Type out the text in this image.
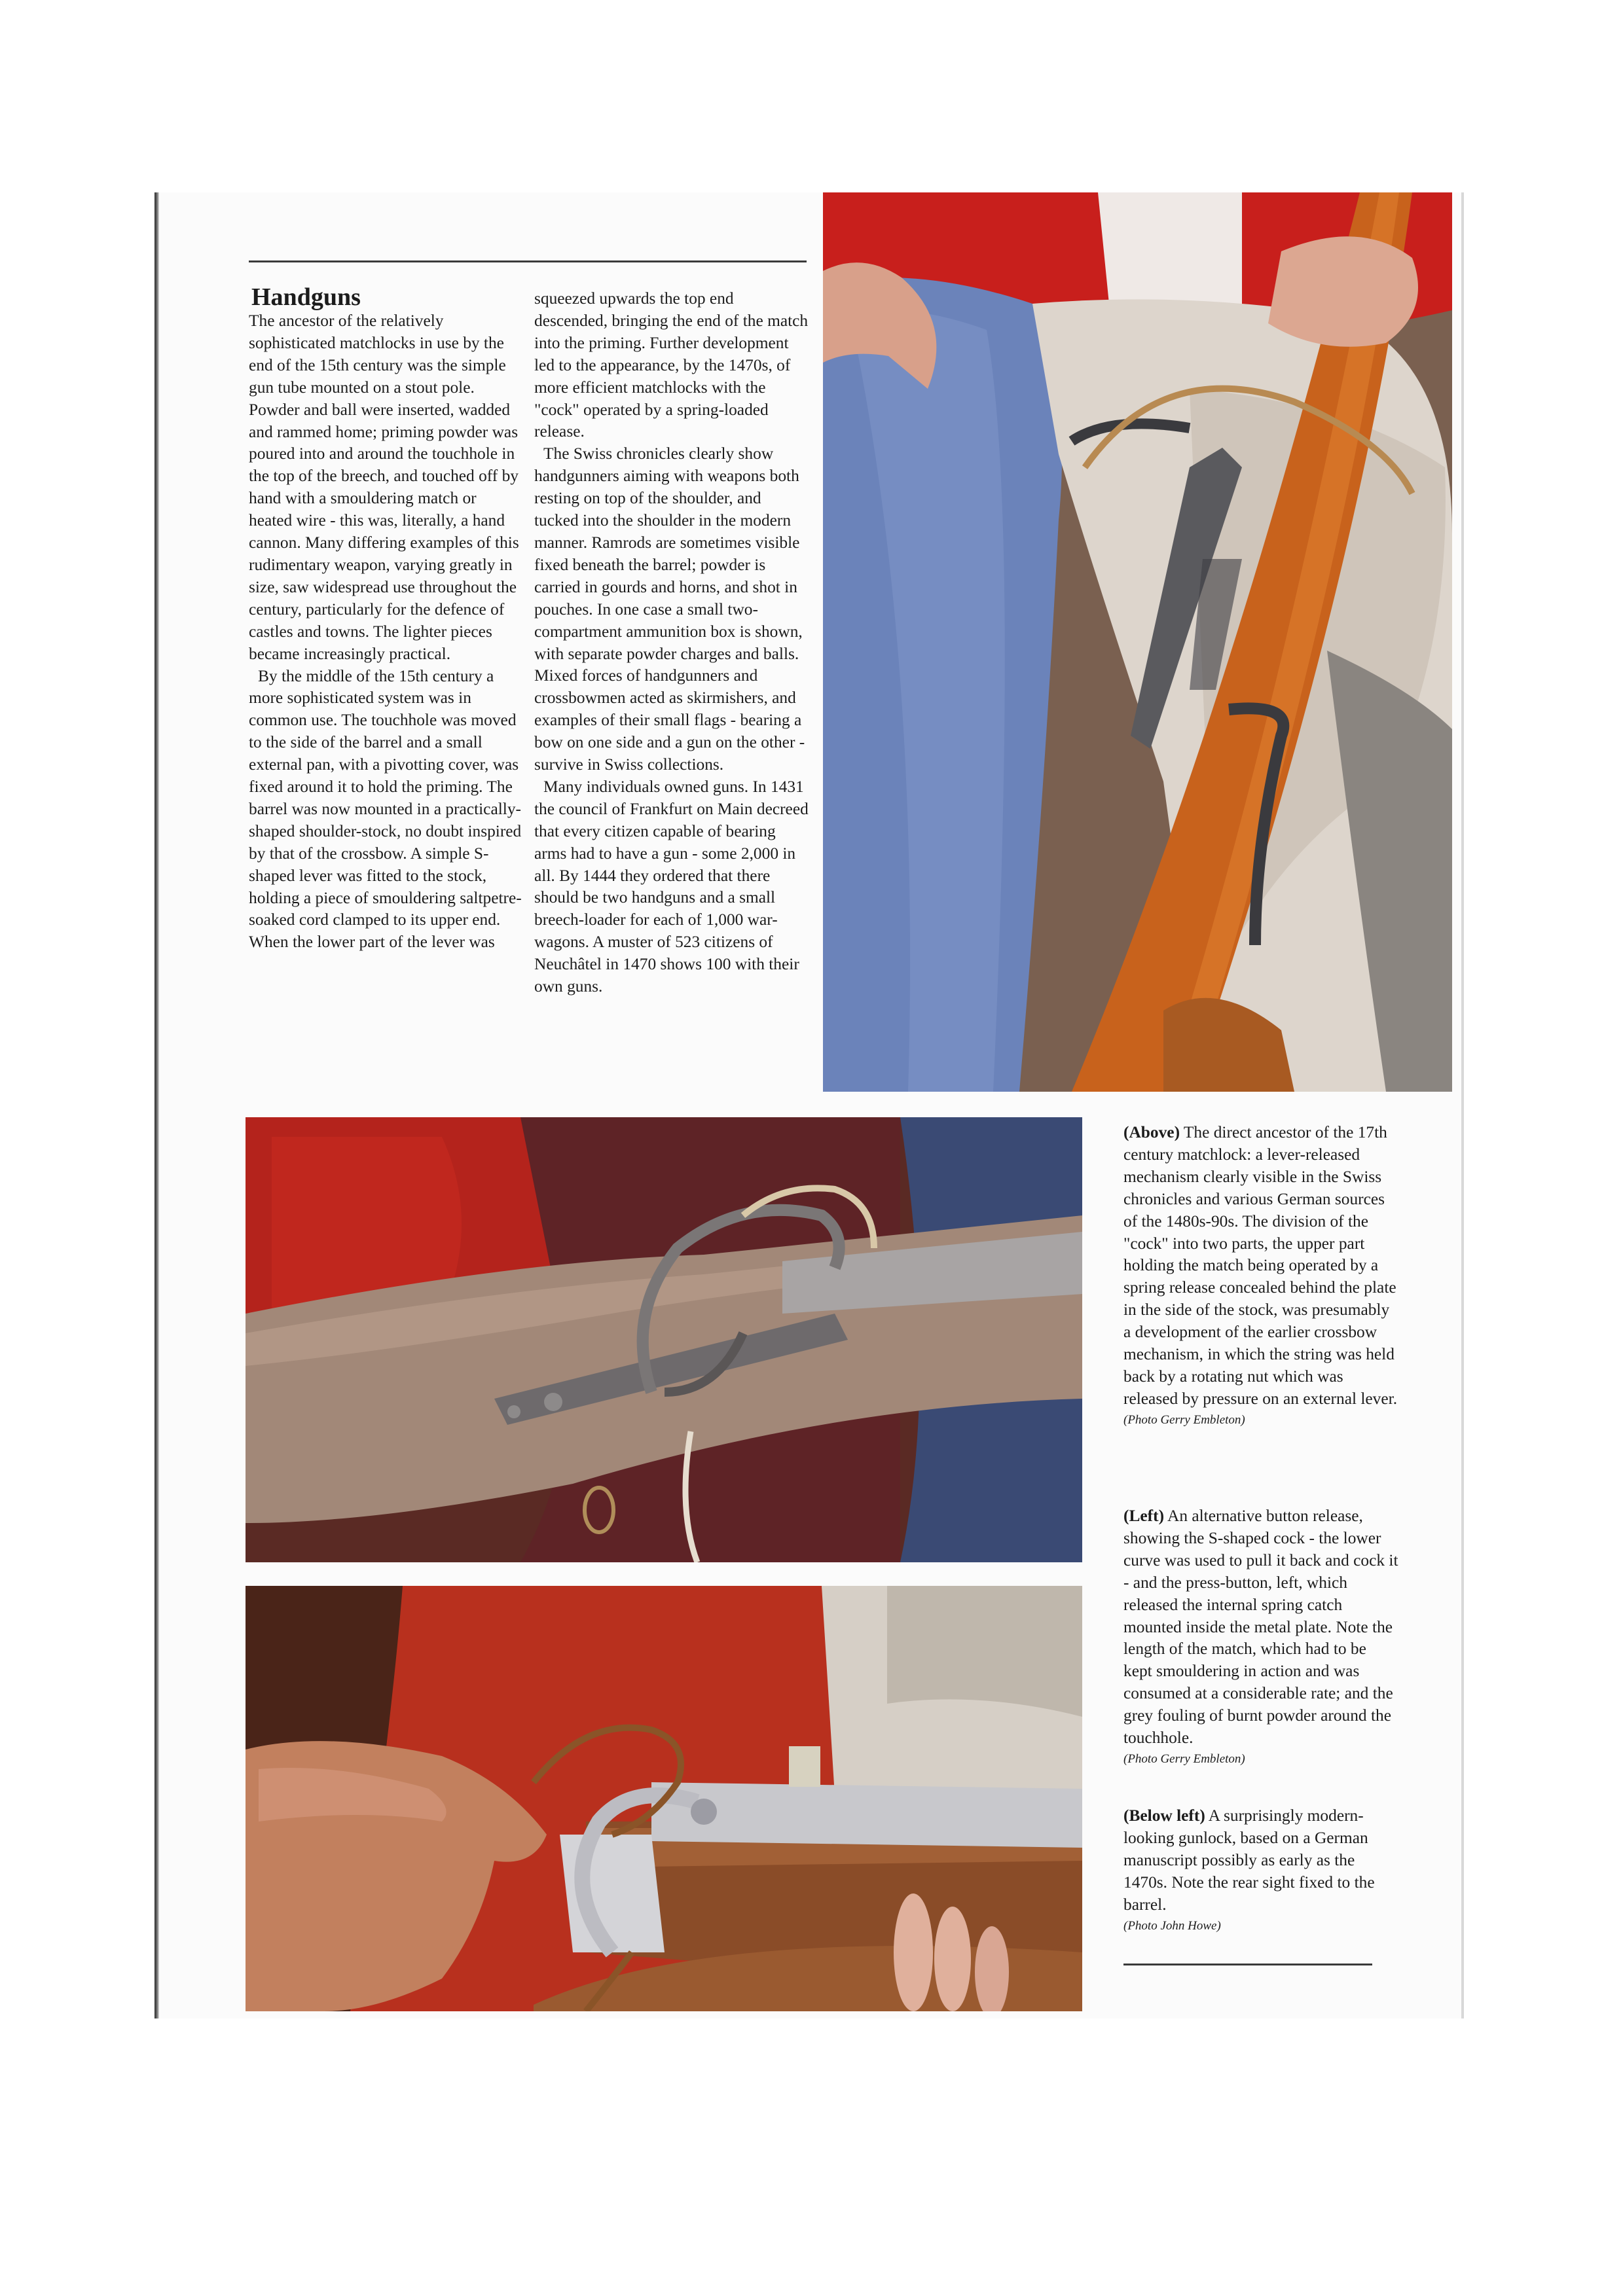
Handguns

The ancestor of the relatively sophisticated matchlocks in use by the end of the 15th century was the simple gun tube mounted on a stout pole. Powder and ball were inserted, wadded and rammed home; priming powder was poured into and around the touchhole in the top of the breech, and touched off by hand with a smouldering match or heated wire - this was, literally, a hand cannon. Many differing examples of this rudimentary weapon, varying greatly in size, saw widespread use throughout the century, particularly for the defence of castles and towns. The lighter pieces became increasingly practical.

By the middle of the 15th century a more sophisticated system was in common use. The touchhole was moved to the side of the barrel and a small external pan, with a pivotting cover, was fixed around it to hold the priming. The barrel was now mounted in a practically-shaped shoulder-stock, no doubt inspired by that of the crossbow. A simple S-shaped lever was fitted to the stock, holding a piece of smouldering saltpetre-soaked cord clamped to its upper end. When the lower part of the lever was

squeezed upwards the top end descended, bringing the end of the match into the priming. Further development led to the appearance, by the 1470s, of more efficient matchlocks with the "cock" operated by a spring-loaded release.

The Swiss chronicles clearly show handgunners aiming with weapons both resting on top of the shoulder, and tucked into the shoulder in the modern manner. Ramrods are sometimes visible fixed beneath the barrel; powder is carried in gourds and horns, and shot in pouches. In one case a small two-compartment ammunition box is shown, with separate powder charges and balls. Mixed forces of handgunners and crossbowmen acted as skirmishers, and examples of their small flags - bearing a bow on one side and a gun on the other - survive in Swiss collections.

Many individuals owned guns. In 1431 the council of Frankfurt on Main decreed that every citizen capable of bearing arms had to have a gun - some 2,000 in all. By 1444 they ordered that there should be two handguns and a small breech-loader for each of 1,000 war-wagons. A muster of 523 citizens of Neuchâtel in 1470 shows 100 with their own guns.

(Above) The direct ancestor of the 17th century matchlock: a lever-released mechanism clearly visible in the Swiss chronicles and various German sources of the 1480s-90s. The division of the "cock" into two parts, the upper part holding the match being operated by a spring release concealed behind the plate in the side of the stock, was presumably a development of the earlier crossbow mechanism, in which the string was held back by a rotating nut which was released by pressure on an external lever.
(Photo Gerry Embleton)
(Left) An alternative button release, showing the S-shaped cock - the lower curve was used to pull it back and cock it - and the press-button, left, which released the internal spring catch mounted inside the metal plate. Note the length of the match, which had to be kept smouldering in action and was consumed at a considerable rate; and the grey fouling of burnt powder around the touchhole.
(Photo Gerry Embleton)
(Below left) A surprisingly modern-looking gunlock, based on a German manuscript possibly as early as the 1470s. Note the rear sight fixed to the barrel.
(Photo John Howe)
